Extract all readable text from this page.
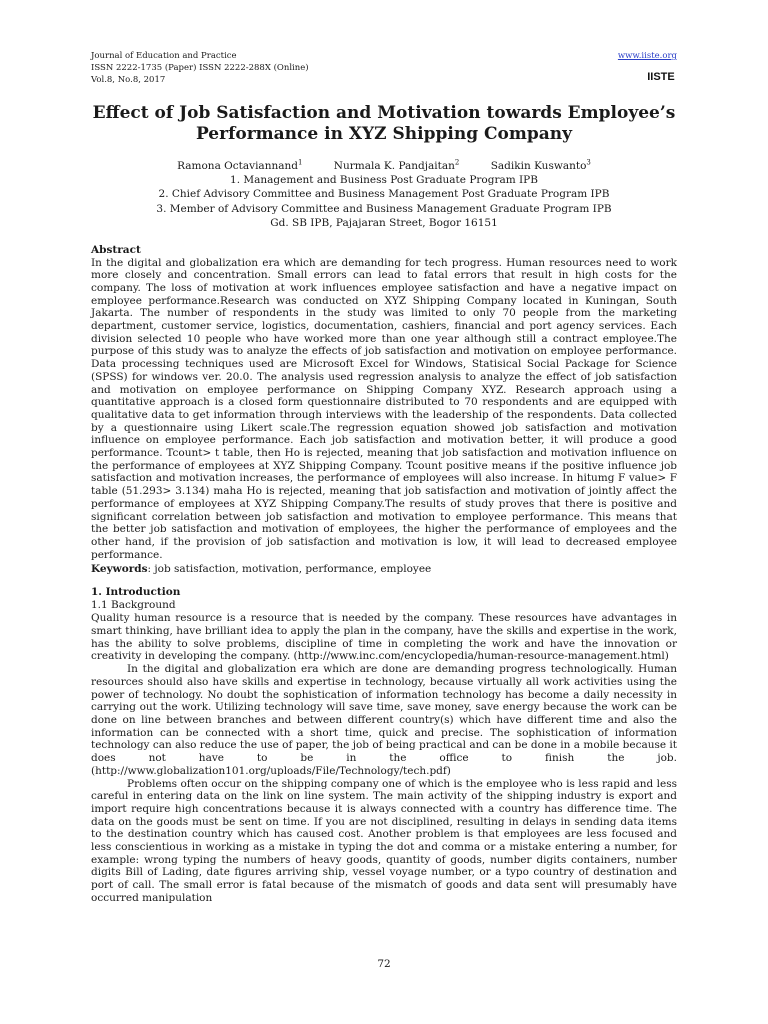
Journal of Education and Practice
ISSN 2222-1735 (Paper) ISSN 2222-288X (Online)
Vol.8, No.8, 2017
www.iiste.org
IISTE
Effect of Job Satisfaction and Motivation towards Employee’s
Performance in XYZ Shipping Company
Ramona Octaviannand$^1$	Nurmala K. Pandjaitan$^2$	Sadikin Kuswanto$^3$
1. Management and Business Post Graduate Program IPB
2. Chief Advisory Committee and Business Management Post Graduate Program IPB
3. Member of Advisory Committee and Business Management Graduate Program IPB
Gd. SB IPB, Pajajaran Street, Bogor 16151
Abstract

In the digital and globalization era which are demanding for tech progress. Human resources need to work more closely and concentration. Small errors can lead to fatal errors that result in high costs for the company. The loss of motivation at work influences employee satisfaction and have a negative impact on employee performance.Research was conducted on XYZ Shipping Company located in Kuningan, South Jakarta. The number of respondents in the study was limited to only 70 people from the marketing department, customer service, logistics, documentation, cashiers, financial and port agency services. Each division selected 10 people who have worked more than one year although still a contract employee.The purpose of this study was to analyze the effects of job satisfaction and motivation on employee performance. Data processing techniques used are Microsoft Excel for Windows, Statisical Social Package for Science (SPSS) for windows ver. 20.0. The analysis used regression analysis to analyze the effect of job satisfaction and motivation on employee performance on Shipping Company XYZ. Research approach using a quantitative approach is a closed form questionnaire distributed to 70 respondents and are equipped with qualitative data to get information through interviews with the leadership of the respondents. Data collected by a questionnaire using Likert scale.The regression equation showed job satisfaction and motivation influence on employee performance. Each job satisfaction and motivation better, it will produce a good performance. Tcount> t table, then Ho is rejected, meaning that job satisfaction and motivation influence on the performance of employees at XYZ Shipping Company. Tcount positive means if the positive influence job satisfaction and motivation increases, the performance of employees will also increase. In hitumg F value> F table (51.293> 3.134) maha Ho is rejected, meaning that job satisfaction and motivation of jointly affect the performance of employees at XYZ Shipping Company.The results of study proves that there is positive and significant correlation between job satisfaction and motivation to employee performance. This means that the better job satisfaction and motivation of employees, the higher the performance of employees and the other hand, if the provision of job satisfaction and motivation is low, it will lead to decreased employee performance.

Keywords: job satisfaction, motivation, performance, employee
1. Introduction
1.1 Background

Quality human resource is a resource that is needed by the company. These resources have advantages in smart thinking, have brilliant idea to apply the plan in the company, have the skills and expertise in the work, has the ability to solve problems, discipline of time in completing the work and have the innovation or creativity in developing the company. (http://www.inc.com/encyclopedia/human-resource-management.html)

In the digital and globalization era which are done are demanding progress technologically. Human resources should also have skills and expertise in technology, because virtually all work activities using the power of technology. No doubt the sophistication of information technology has become a daily necessity in carrying out the work. Utilizing technology will save time, save money, save energy because the work can be done on line between branches and between different country(s) which have different time and also the information can be connected with a short time, quick and precise. The sophistication of information technology can also reduce the use of paper, the job of being practical and can be done in a mobile because it does not have to be in the office to finish the job. (http://www.globalization101.org/uploads/File/Technology/tech.pdf)

Problems often occur on the shipping company one of which is the employee who is less rapid and less careful in entering data on the link on line system. The main activity of the shipping industry is export and import require high concentrations because it is always connected with a country has difference time. The data on the goods must be sent on time. If you are not disciplined, resulting in delays in sending data items to the destination country which has caused cost. Another problem is that employees are less focused and less conscientious in working as a mistake in typing the dot and comma or a mistake entering a number, for example: wrong typing the numbers of heavy goods, quantity of goods, number digits containers, number digits Bill of Lading, date figures arriving ship, vessel voyage number, or a typo country of destination and port of call. The small error is fatal because of the mismatch of goods and data sent will presumably have occurred manipulation

72
